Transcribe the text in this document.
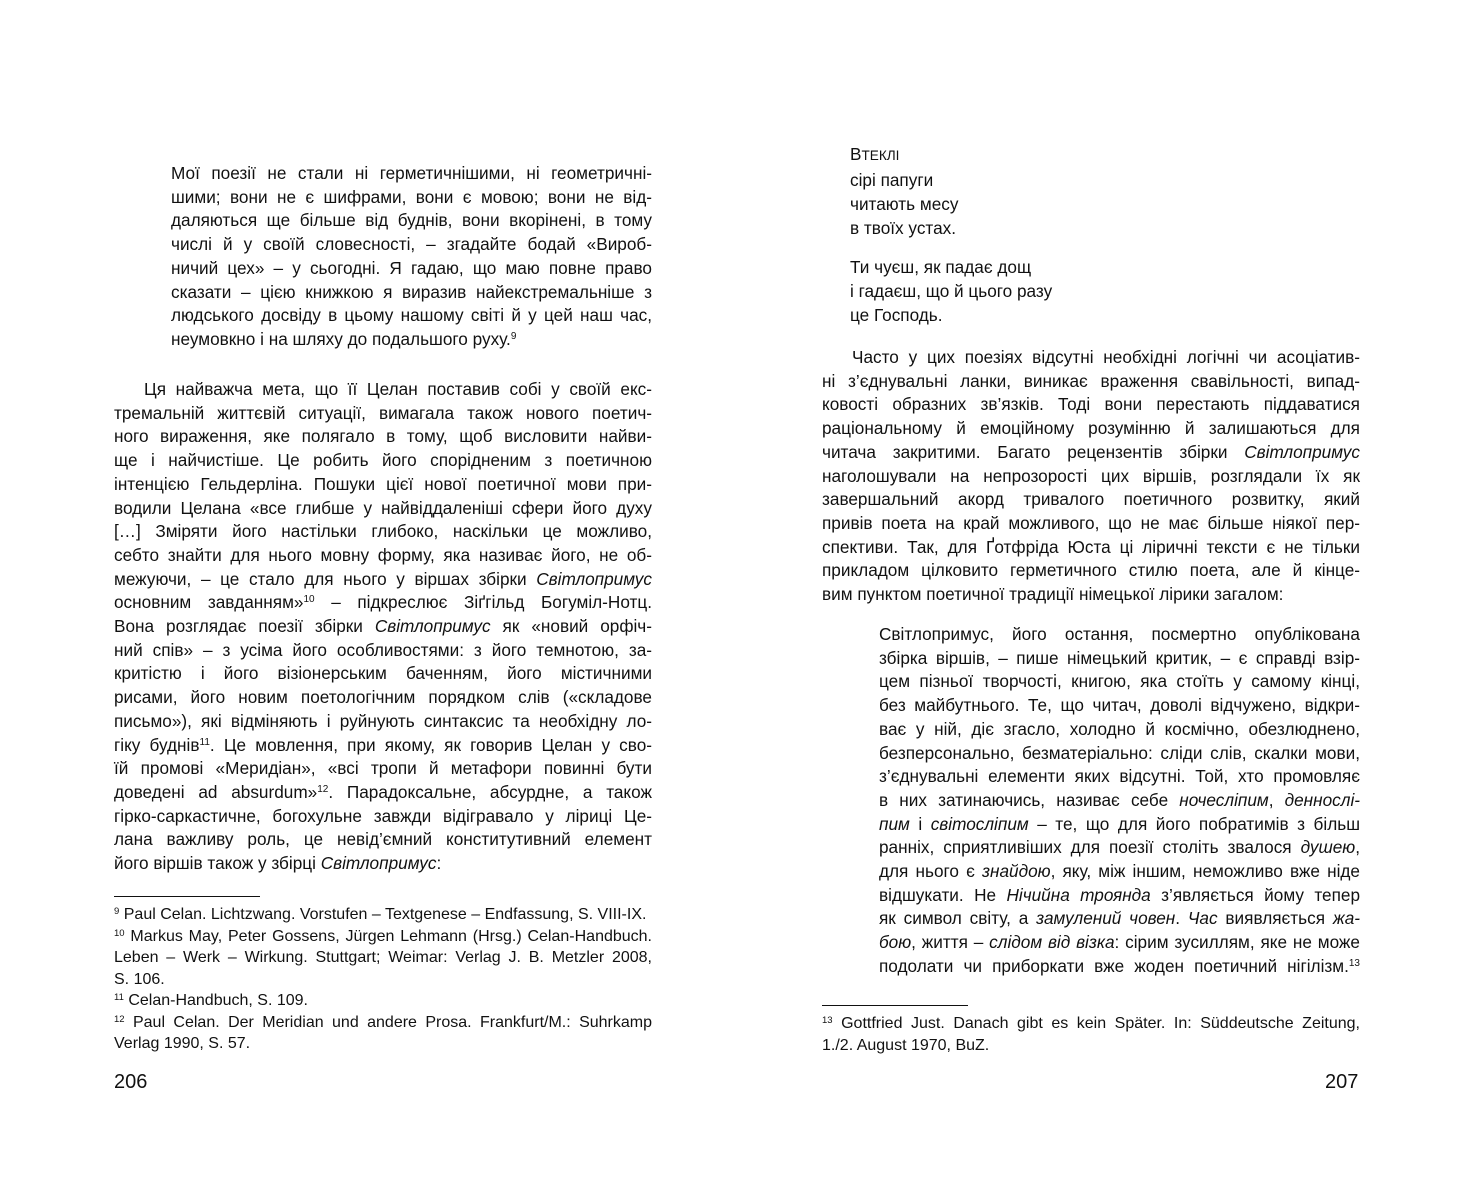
Мої поезії не стали ні герметичнішими, ні геометричні-
шими; вони не є шифрами, вони є мовою; вони не від-
даляються ще більше від буднів, вони вкорінені, в тому
числі й у своїй словесності, – згадайте бодай «Вироб-
ничий цех» – у сьогодні. Я гадаю, що маю повне право
сказати – цією книжкою я виразив найекстремальніше з
людського досвіду в цьому нашому світі й у цей наш час,
неумовкно і на шляху до подальшого руху.$^9$
Ця найважча мета, що її Целан поставив собі у своїй екс-
тремальній життєвій ситуації, вимагала також нового поетич-
ного вираження, яке полягало в тому, щоб висловити найви-
ще і найчистіше. Це робить його спорідненим з поетичною
інтенцією Гельдерліна. Пошуки цієї нової поетичної мови при-
водили Целана «все глибше у найвіддаленіші сфери його духу
[…] Зміряти його настільки глибоко, наскільки це можливо,
себто знайти для нього мовну форму, яка називає його, не об-
межуючи, – це стало для нього у віршах збірки Світлопримус
основним завданням»$^{10}$ – підкреслює Зіґгільд Богуміл-Нотц.
Вона розглядає поезії збірки Світлопримус як «новий орфіч-
ний спів» – з усіма його особливостями: з його темнотою, за-
критістю і його візіонерським баченням, його містичними
рисами, його новим поетологічним порядком слів («складове
письмо»), які відміняють і руйнують синтаксис та необхідну ло-
гіку буднів$^{11}$. Це мовлення, при якому, як говорив Целан у сво-
їй промові «Меридіан», «всі тропи й метафори повинні бути
доведені ad absurdum»$^{12}$. Парадоксальне, абсурдне, а також
гірко-саркастичне, богохульне завжди відігравало у ліриці Це-
лана важливу роль, це невід’ємний конститутивний елемент
його віршів також у збірці Світлопримус:
$^9$ Paul Celan. Lichtzwang. Vorstufen – Textgenese – Endfassung, S. VIII-IX.
$^{10}$ Markus May, Peter Gossens, Jürgen Lehmann (Hrsg.) Celan-Handbuch.
Leben – Werk – Wirkung. Stuttgart; Weimar: Verlag J. B. Metzler 2008,
S. 106.
$^{11}$ Celan-Handbuch, S. 109.
$^{12}$ Paul Celan. Der Meridian und andere Prosa. Frankfurt/M.: Suhrkamp
Verlag 1990, S. 57.
206
ВТЕКЛІ
сірі папуги
читають месу
в твоїх устах.
Ти чуєш, як падає дощ
і гадаєш, що й цього разу
це Господь.
Часто у цих поезіях відсутні необхідні логічні чи асоціатив-
ні з’єднувальні ланки, виникає враження свавільності, випад-
ковості образних зв’язків. Тоді вони перестають піддаватися
раціональному й емоційному розумінню й залишаються для
читача закритими. Багато рецензентів збірки Світлопримус
наголошували на непрозорості цих віршів, розглядали їх як
завершальний акорд тривалого поетичного розвитку, який
привів поета на край можливого, що не має більше ніякої пер-
спективи. Так, для Ґотфріда Юста ці ліричні тексти є не тільки
прикладом цілковито герметичного стилю поета, але й кінце-
вим пунктом поетичної традиції німецької лірики загалом:
Світлопримус, його остання, посмертно опублікована
збірка віршів, – пише німецький критик, – є справді взір-
цем пізньої творчості, книгою, яка стоїть у самому кінці,
без майбутнього. Те, що читач, доволі відчужено, відкри-
ває у ній, діє згасло, холодно й космічно, обезлюднено,
безперсонально, безматеріально: сліди слів, скалки мови,
з’єднувальні елементи яких відсутні. Той, хто промовляє
в них затинаючись, називає себе ночесліпим, деннослі-
пим і світосліпим – те, що для його побратимів з більш
ранніх, сприятливіших для поезії століть звалося душею,
для нього є знайдою, яку, між іншим, неможливо вже ніде
відшукати. Не Нічийна троянда з’являється йому тепер
як символ світу, а замулений човен. Час виявляється жа-
бою, життя – слідом від візка: сірим зусиллям, яке не може
подолати чи приборкати вже жоден поетичний нігілізм.$^{13}$
$^{13}$ Gottfried Just. Danach gibt es kein Später. In: Süddeutsche Zeitung,
1./2. August 1970, BuZ.
207
